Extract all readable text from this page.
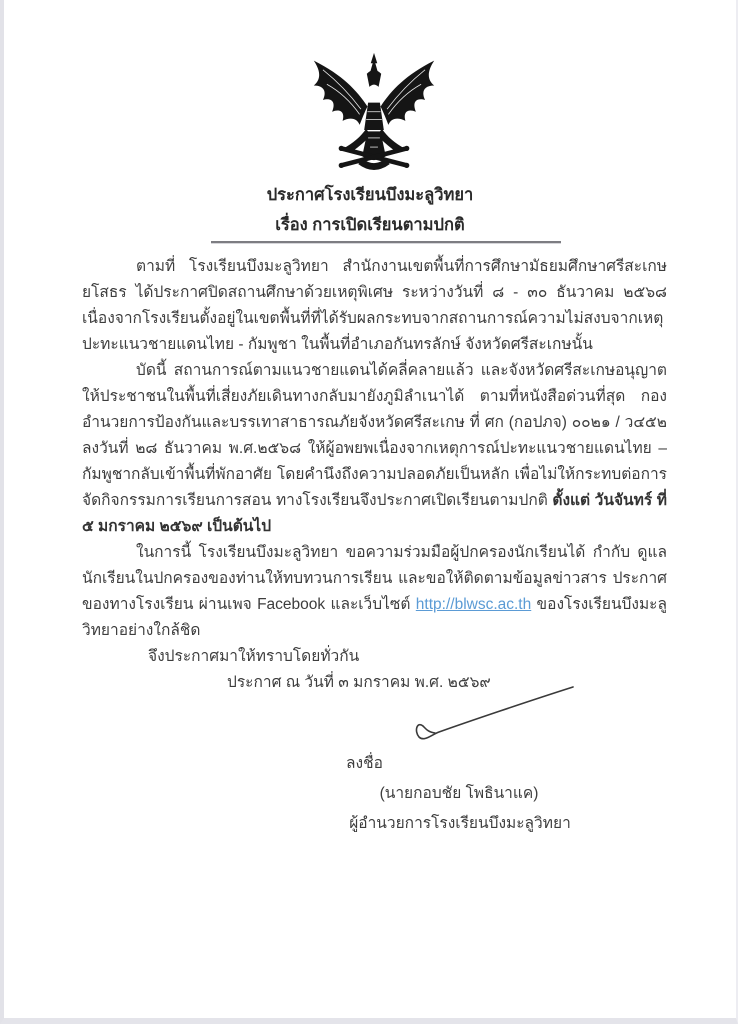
ประกาศโรงเรียนบึงมะลูวิทยา
เรื่อง การเปิดเรียนตามปกติ

ตามที่ โรงเรียนบึงมะลูวิทยา สำนักงานเขตพื้นที่การศึกษามัธยมศึกษาศรีสะเกษ ยโสธร ได้ประกาศปิดสถานศึกษาด้วยเหตุพิเศษ ระหว่างวันที่ ๘ - ๓๐ ธันวาคม ๒๕๖๘ เนื่องจากโรงเรียนตั้งอยู่ในเขตพื้นที่ที่ได้รับผลกระทบจากสถานการณ์ความไม่สงบจากเหตุปะทะแนวชายแดนไทย - กัมพูชา ในพื้นที่อำเภอกันทรลักษ์ จังหวัดศรีสะเกษนั้น

บัดนี้ สถานการณ์ตามแนวชายแดนได้คลี่คลายแล้ว และจังหวัดศรีสะเกษอนุญาตให้ประชาชนในพื้นที่เสี่ยงภัยเดินทางกลับมายังภูมิลำเนาได้ ตามที่หนังสือด่วนที่สุด กองอำนวยการป้องกันและบรรเทาสาธารณภัยจังหวัดศรีสะเกษ ที่ ศก (กอปภจ) ๐๐๒๑ / ว๔๕๒ ลงวันที่ ๒๘ ธันวาคม พ.ศ.๒๕๖๘ ให้ผู้อพยพเนื่องจากเหตุการณ์ปะทะแนวชายแดนไทย – กัมพูชากลับเข้าพื้นที่พักอาศัย โดยคำนึงถึงความปลอดภัยเป็นหลัก เพื่อไม่ให้กระทบต่อการจัดกิจกรรมการเรียนการสอน ทางโรงเรียนจึงประกาศเปิดเรียนตามปกติ ตั้งแต่ วันจันทร์ ที่ ๕ มกราคม ๒๕๖๙ เป็นต้นไป

ในการนี้ โรงเรียนบึงมะลูวิทยา ขอความร่วมมือผู้ปกครองนักเรียนได้ กำกับ ดูแล นักเรียนในปกครองของท่านให้ทบทวนการเรียน และขอให้ติดตามข้อมูลข่าวสาร ประกาศของทางโรงเรียน ผ่านเพจ Facebook และเว็บไซต์ http://blwsc.ac.th ของโรงเรียนบึงมะลูวิทยาอย่างใกล้ชิด

จึงประกาศมาให้ทราบโดยทั่วกัน

ประกาศ ณ วันที่ ๓ มกราคม พ.ศ. ๒๕๖๙

ลงชื่อ
(นายกอบชัย โพธินาแค)
ผู้อำนวยการโรงเรียนบึงมะลูวิทยา
